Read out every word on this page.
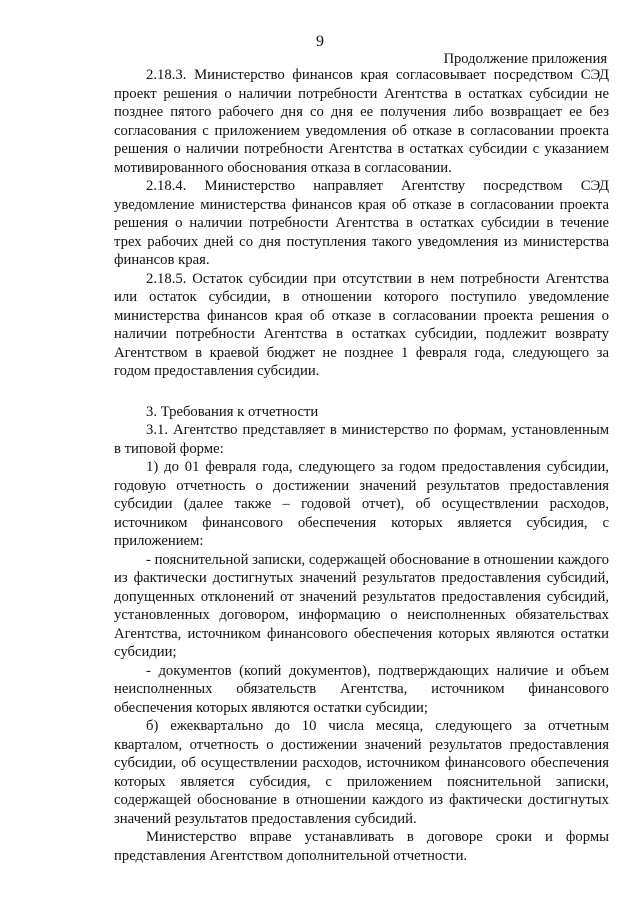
9
Продолжение приложения

2.18.3. Министерство финансов края согласовывает посредством СЭД проект решения о наличии потребности Агентства в остатках субсидии не позднее пятого рабочего дня со дня ее получения либо возвращает ее без согласования с приложением уведомления об отказе в согласовании проекта решения о наличии потребности Агентства в остатках субсидии с указанием мотивированного обоснования отказа в согласовании.

2.18.4. Министерство направляет Агентству посредством СЭД уведомление министерства финансов края об отказе в согласовании проекта решения о наличии потребности Агентства в остатках субсидии в течение трех рабочих дней со дня поступления такого уведомления из министерства финансов края.

2.18.5. Остаток субсидии при отсутствии в нем потребности Агентства или остаток субсидии, в отношении которого поступило уведомление министерства финансов края об отказе в согласовании проекта решения о наличии потребности Агентства в остатках субсидии, подлежит возврату Агентством в краевой бюджет не позднее 1 февраля года, следующего за годом предоставления субсидии.

3. Требования к отчетности

3.1. Агентство представляет в министерство по формам, установленным в типовой форме:

1) до 01 февраля года, следующего за годом предоставления субсидии, годовую отчетность о достижении значений результатов предоставления субсидии (далее также – годовой отчет), об осуществлении расходов, источником финансового обеспечения которых является субсидия, с приложением:

- пояснительной записки, содержащей обоснование в отношении каждого из фактически достигнутых значений результатов предоставления субсидий, допущенных отклонений от значений результатов предоставления субсидий, установленных договором, информацию о неисполненных обязательствах Агентства, источником финансового обеспечения которых являются остатки субсидии;

- документов (копий документов), подтверждающих наличие и объем неисполненных обязательств Агентства, источником финансового обеспечения которых являются остатки субсидии;

б) ежеквартально до 10 числа месяца, следующего за отчетным кварталом, отчетность о достижении значений результатов предоставления субсидии, об осуществлении расходов, источником финансового обеспечения которых является субсидия, с приложением пояснительной записки, содержащей обоснование в отношении каждого из фактически достигнутых значений результатов предоставления субсидий.

Министерство вправе устанавливать в договоре сроки и формы представления Агентством дополнительной отчетности.
